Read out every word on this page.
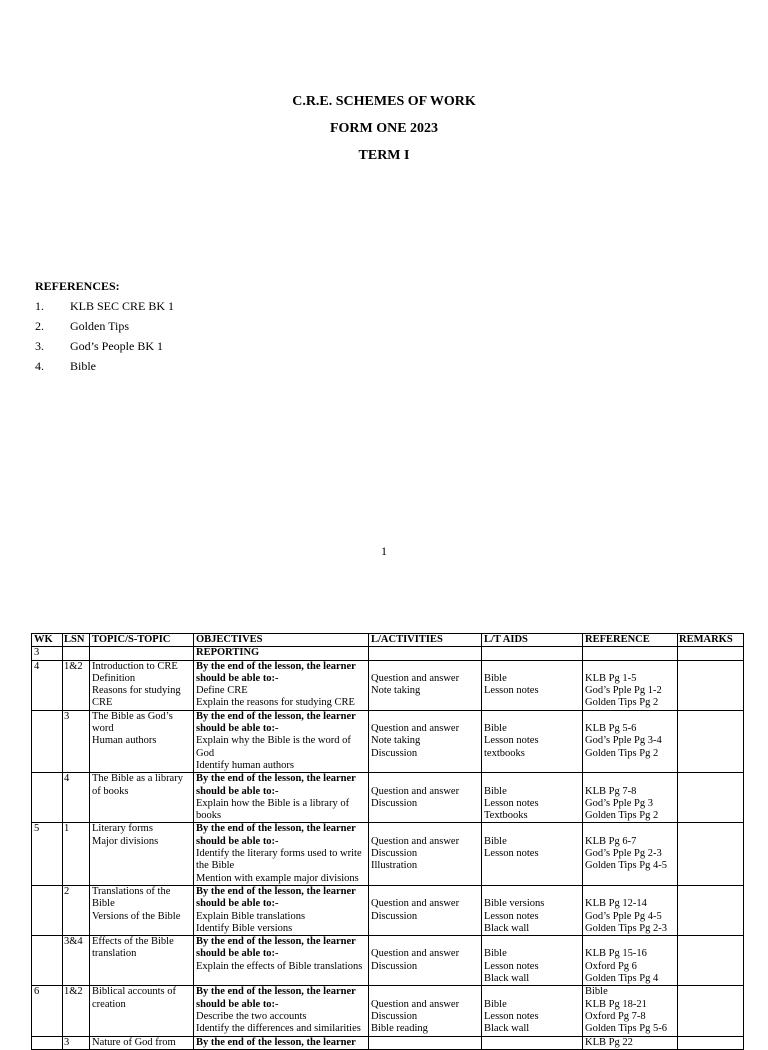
C.R.E. SCHEMES OF WORK
FORM ONE 2023
TERM I
REFERENCES:
1. KLB SEC CRE BK 1
2. Golden Tips
3. God’s People BK 1
4. Bible
1
WK	LSN	TOPIC/S-TOPIC	OBJECTIVES	L/ACTIVITIES	L/T AIDS	REFERENCE	REMARKS
3			REPORTING				
4	1&2	Introduction to CRE
Definition
Reasons for studying
CRE	By the end of the lesson, the learner
should be able to:-
Define CRE
Explain the reasons for studying CRE	Question and answer
Note taking	Bible
Lesson notes	KLB Pg 1-5
God’s Pple Pg 1-2
Golden Tips Pg 2	

	3	The Bible as God’s
word
Human authors	By the end of the lesson, the learner
should be able to:-
Explain why the Bible is the word of
God
Identify human authors	Question and answer
Note taking
Discussion	Bible
Lesson notes
textbooks	KLB Pg 5-6
God’s Pple Pg 3-4
Golden Tips Pg 2	

	4	The Bible as a library
of books	By the end of the lesson, the learner
should be able to:-
Explain how the Bible is a library of
books	Question and answer
Discussion	Bible
Lesson notes
Textbooks	KLB Pg 7-8
God’s Pple Pg 3
Golden Tips Pg 2	

5	1	Literary forms
Major divisions	By the end of the lesson, the learner
should be able to:-
Identify the literary forms used to write
the Bible
Mention with example major divisions	Question and answer
Discussion
Illustration	Bible
Lesson notes	KLB Pg 6-7
God’s Pple Pg 2-3
Golden Tips Pg 4-5	

	2	Translations of the
Bible
Versions of the Bible	By the end of the lesson, the learner
should be able to:-
Explain Bible translations
Identify Bible versions	Question and answer
Discussion	Bible versions
Lesson notes
Black wall	KLB Pg 12-14
God’s Pple Pg 4-5
Golden Tips Pg 2-3	

	3&4	Effects of the Bible
translation	By the end of the lesson, the learner
should be able to:-
Explain the effects of Bible translations	Question and answer
Discussion	Bible
Lesson notes
Black wall	KLB Pg 15-16
Oxford Pg 6
Golden Tips Pg 4	

6	1&2	Biblical accounts of
creation	By the end of the lesson, the learner
should be able to:-
Describe the two accounts
Identify the differences and similarities	Question and answer
Discussion
Bible reading	Bible
Lesson notes
Black wall	Bible
KLB Pg 18-21
Oxford Pg 7-8
Golden Tips Pg 5-6	

	3	Nature of God from	By the end of the lesson, the learner			KLB Pg 22	
